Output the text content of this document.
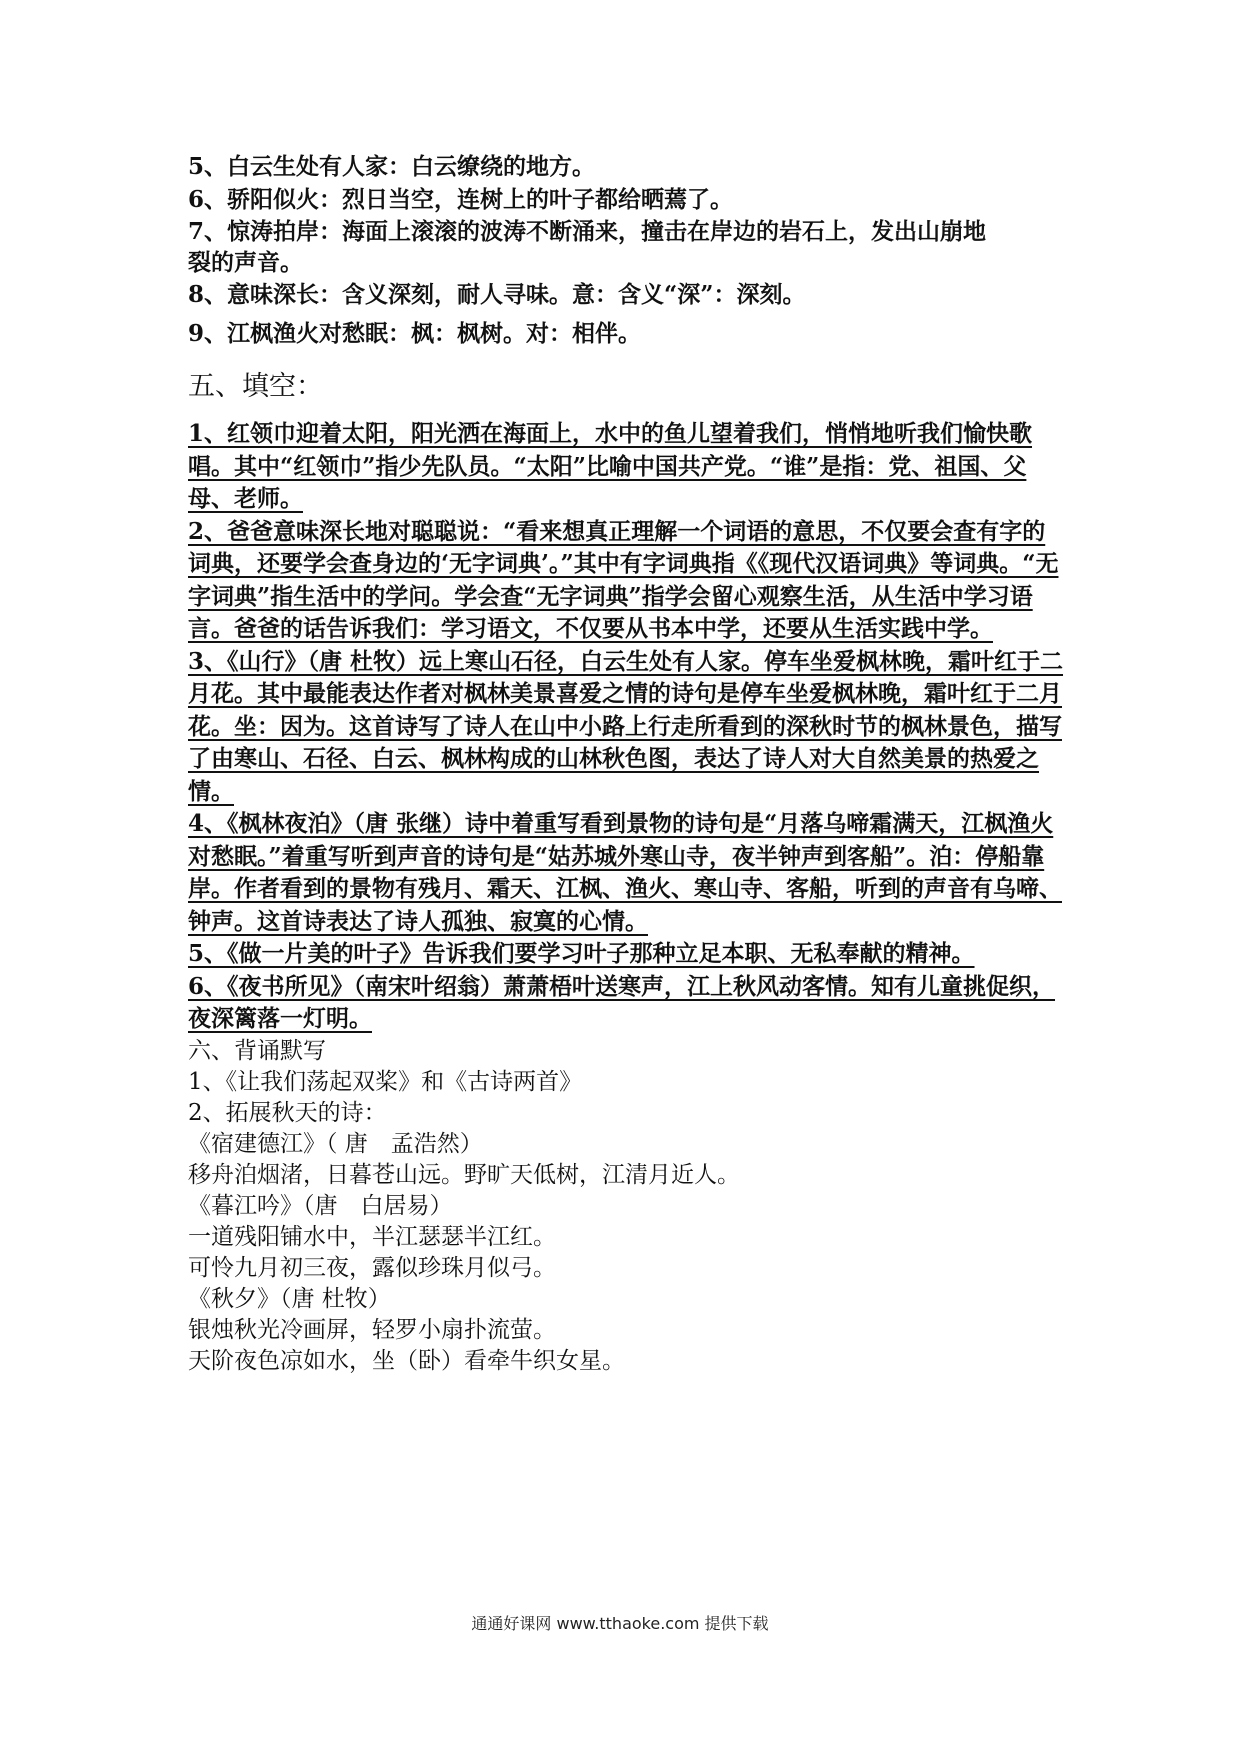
5、白云生处有人家：白云缭绕的地方。

6、骄阳似火：烈日当空，连树上的叶子都给晒蔫了。

7、惊涛拍岸：海面上滚滚的波涛不断涌来，撞击在岸边的岩石上，发出山崩地

裂的声音。

8、意味深长：含义深刻，耐人寻味。意：含义“深”：深刻。

9、江枫渔火对愁眠：枫：枫树。对：相伴。

五、填空：

1、红领巾迎着太阳，阳光洒在海面上，水中的鱼儿望着我们，悄悄地听我们愉快歌唱。其中“红领巾”指少先队员。“太阳”比喻中国共产党。“谁”是指：党、祖国、父母、老师。

2、爸爸意味深长地对聪聪说：“看来想真正理解一个词语的意思，不仅要会查有字的词典，还要学会查身边的‘无字词典’。”其中有字词典指《《现代汉语词典》等词典。“无字词典”指生活中的学问。学会查“无字词典”指学会留心观察生活，从生活中学习语言。爸爸的话告诉我们：学习语文，不仅要从书本中学，还要从生活实践中学。

3、《山行》（唐 杜牧）远上寒山石径，白云生处有人家。停车坐爱枫林晚，霜叶红于二月花。其中最能表达作者对枫林美景喜爱之情的诗句是停车坐爱枫林晚，霜叶红于二月花。坐：因为。这首诗写了诗人在山中小路上行走所看到的深秋时节的枫林景色，描写了由寒山、石径、白云、枫林构成的山林秋色图，表达了诗人对大自然美景的热爱之情。

4、《枫林夜泊》（唐 张继）诗中着重写看到景物的诗句是“月落乌啼霜满天，江枫渔火对愁眠。”着重写听到声音的诗句是“姑苏城外寒山寺，夜半钟声到客船”。泊：停船靠岸。作者看到的景物有残月、霜天、江枫、渔火、寒山寺、客船，听到的声音有乌啼、钟声。这首诗表达了诗人孤独、寂寞的心情。

5、《做一片美的叶子》告诉我们要学习叶子那种立足本职、无私奉献的精神。

6、《夜书所见》（南宋叶绍翁）萧萧梧叶送寒声，江上秋风动客情。知有儿童挑促织，夜深篱落一灯明。

六、背诵默写

1、《让我们荡起双桨》和《古诗两首》

2、拓展秋天的诗：

《宿建德江》（ 唐　孟浩然）

移舟泊烟渚，日暮苍山远。野旷天低树，江清月近人。

《暮江吟》（唐　白居易）

一道残阳铺水中，半江瑟瑟半江红。

可怜九月初三夜，露似珍珠月似弓。

《秋夕》（唐 杜牧）

银烛秋光冷画屏，轻罗小扇扑流萤。

天阶夜色凉如水，坐（卧）看牵牛织女星。

通通好课网 www.tthaoke.com 提供下载
